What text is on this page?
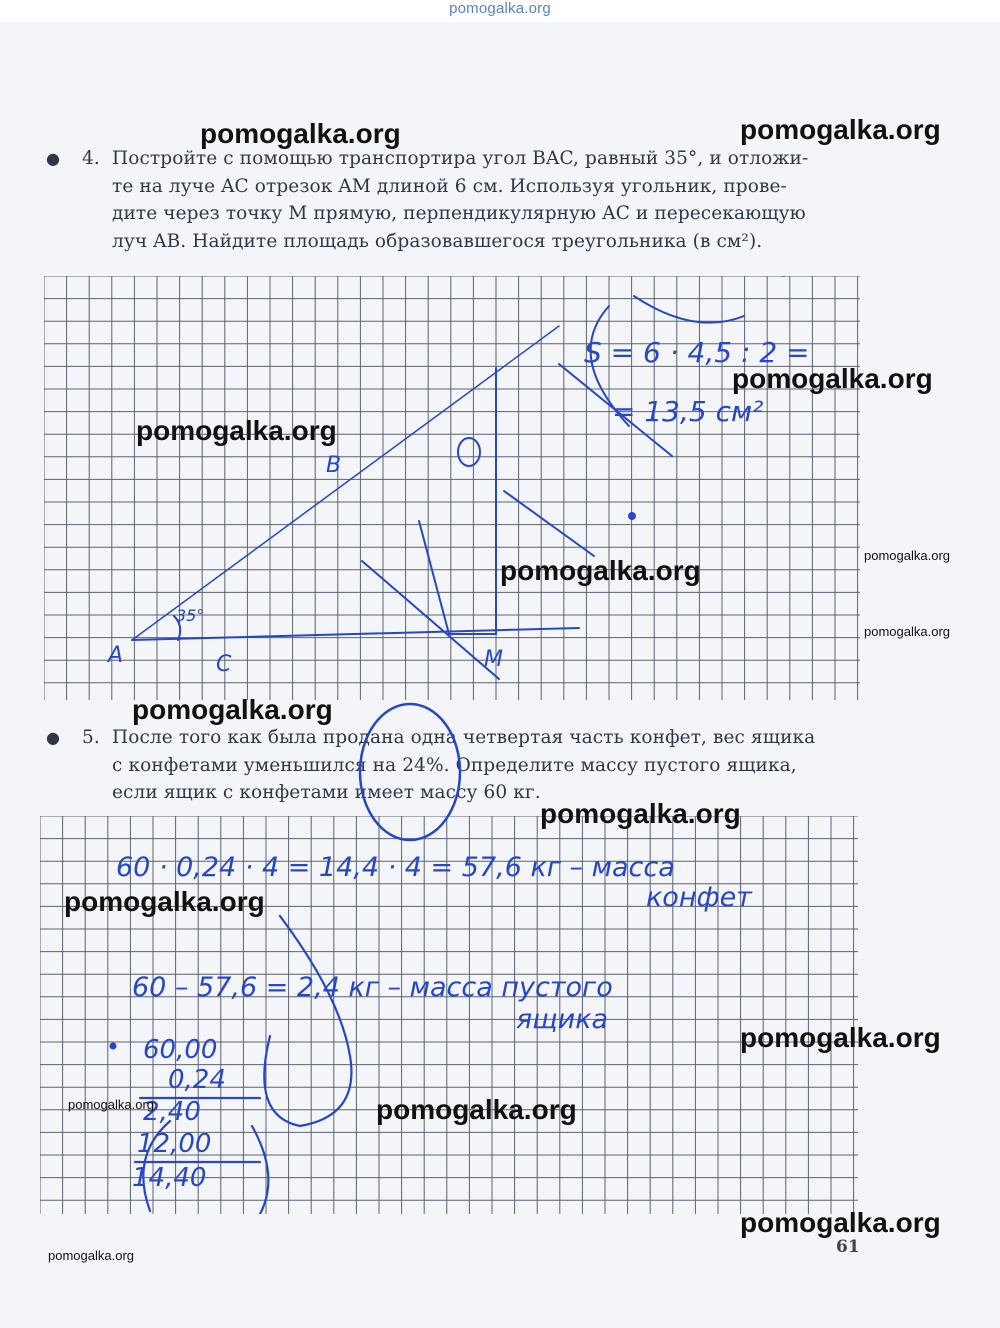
pomogalka.org
● 4. Постройте с помощью транспортира угол BAC, равный 35°, и отложи-
те на луче AC отрезок AM длиной 6 см. Используя угольник, прове-
дите через точку M прямую, перпендикулярную AC и пересекающую
луч AB. Найдите площадь образовавшегося треугольника (в см²).
A
B
C	M
35°
S = 6 · 4,5 : 2 =
= 13,5 см²
● 5. После того как была продана одна четвертая часть конфет, вес ящика
с конфетами уменьшился на 24%. Определите массу пустого ящика,
если ящик с конфетами имеет массу 60 кг.
60 · 0,24 · 4 = 14,4 · 4 = 57,6 кг – масса
конфет
60 – 57,6 = 2,4 кг – масса пустого
ящика
60,00
0,24
2,40
12,00
14,40
61
pomogalka.org	pomogalka.org
pomogalka.org
pomogalka.org
pomogalka.org
pomogalka.org
pomogalka.org
pomogalka.org
pomogalka.org
pomogalka.org
pomogalka.org
pomogalka.org	pomogalka.org
pomogalka.org
pomogalka.org
